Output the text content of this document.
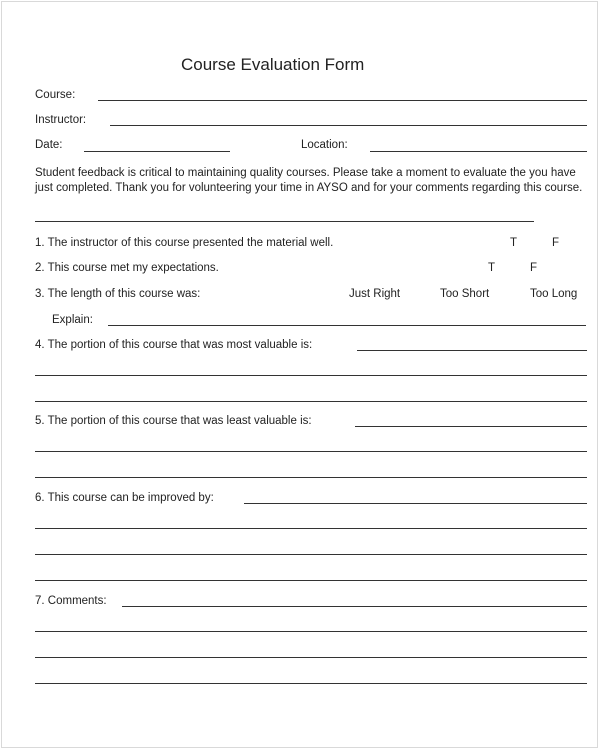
Course Evaluation Form
Course:
Instructor:
Date:	Location:
Student feedback is critical to maintaining quality courses. Please take a moment to evaluate the you have just completed. Thank you for volunteering your time in AYSO and for your comments regarding this course.
1. The instructor of this course presented the material well.	T	F
2. This course met my expectations.	T	F
3. The length of this course was:	Just Right	Too Short	Too Long
Explain:
4. The portion of this course that was most valuable is:
5. The portion of this course that was least valuable is:
6. This course can be improved by:
7. Comments:
